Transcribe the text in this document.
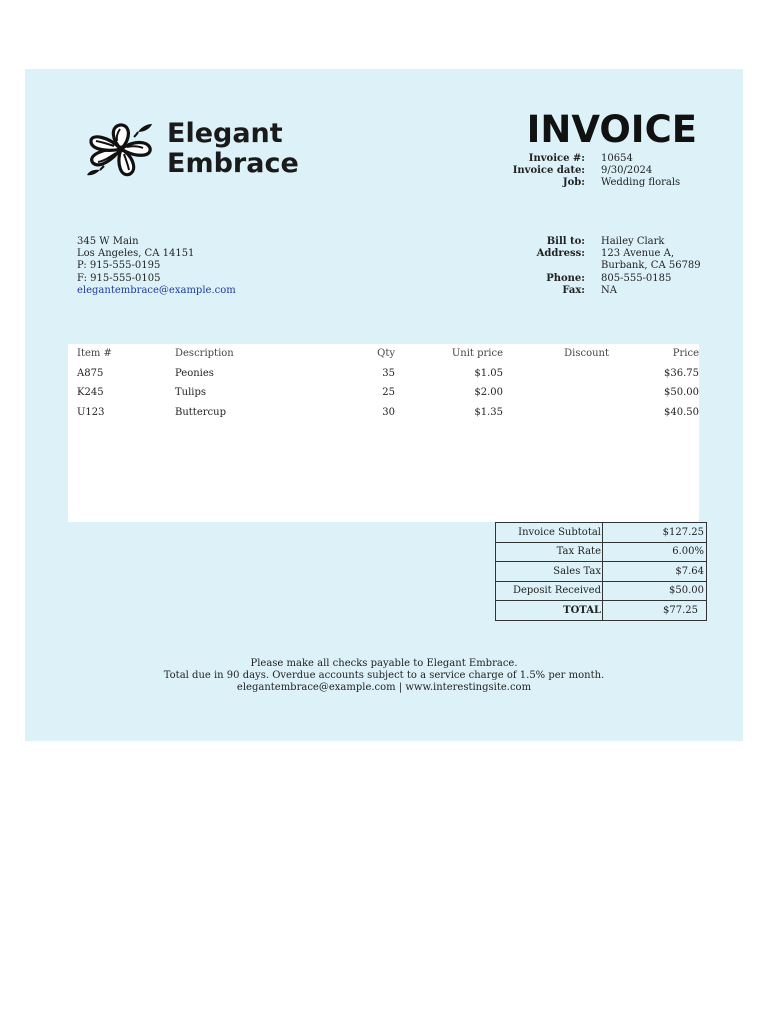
Elegant
Embrace
INVOICE
Invoice #:	10654
Invoice date:	9/30/2024
Job:	Wedding florals
345 W Main
Los Angeles, CA 14151
P: 915-555-0195
F: 915-555-0105
elegantembrace@example.com
Bill to:	Hailey Clark
Address:	123 Avenue A,
Burbank, CA 56789
Phone:	805-555-0185
Fax:	NA
Item #	Description	Qty	Unit price	Discount	Price
A875	Peonies	35	$1.05		$36.75
K245	Tulips	25	$2.00		$50.00
U123	Buttercup	30	$1.35		$40.50
Invoice Subtotal	$127.25
Tax Rate	6.00%
Sales Tax	$7.64
Deposit Received	$50.00
TOTAL	$77.25
Please make all checks payable to Elegant Embrace.
Total due in 90 days. Overdue accounts subject to a service charge of 1.5% per month.
elegantembrace@example.com | www.interestingsite.com
